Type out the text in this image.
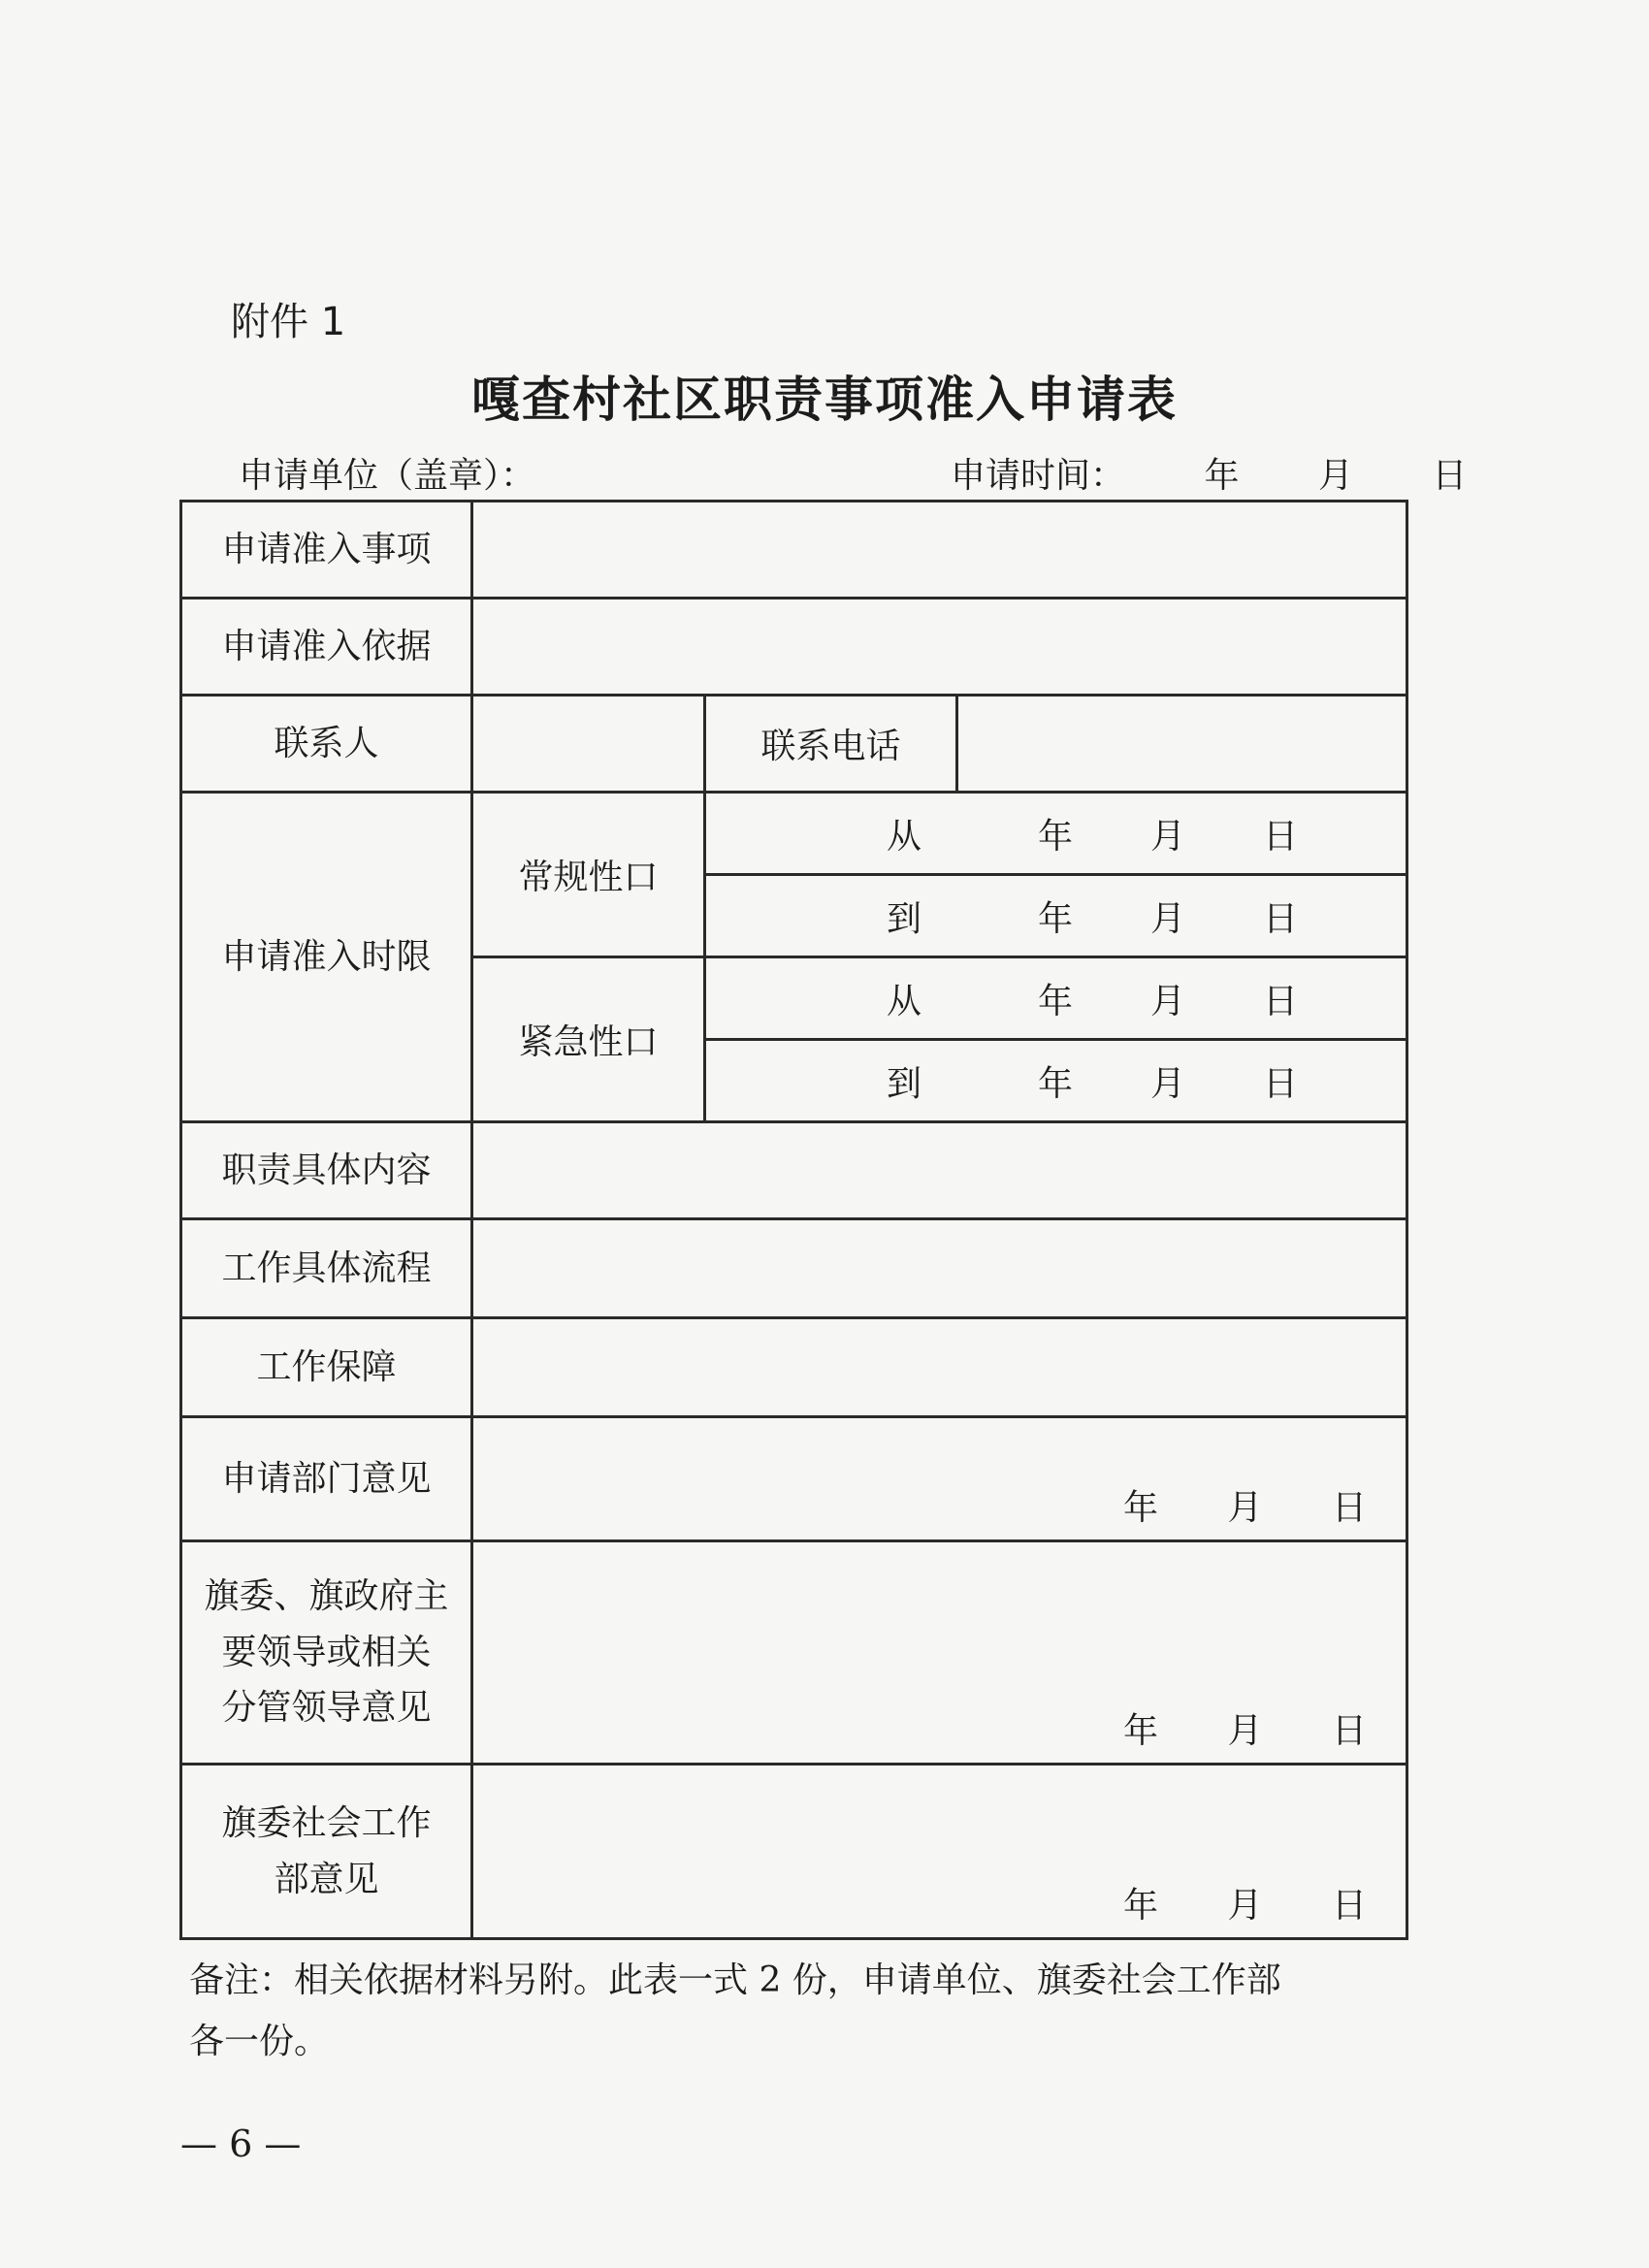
附件 1
嘎查村社区职责事项准入申请表
申请单位（盖章）：	申请时间： 年 月 日
申请准入事项			
申请准入依据			
联系人		联系电话	
申请准入时限	常规性口	从 年 月 日	

		到 年 月 日	

	紧急性口	从 年 月 日	

		到 年 月 日	

职责具体内容			
工作具体流程			
工作保障			
申请部门意见	年 月 日		

旗委、旗政府主
要领导或相关
分管领导意见	年 月 日		

旗委社会工作
部意见	年 月 日		
备注：相关依据材料另附。此表一式 2 份，申请单位、旗委社会工作部
各一份。
— 6 —
